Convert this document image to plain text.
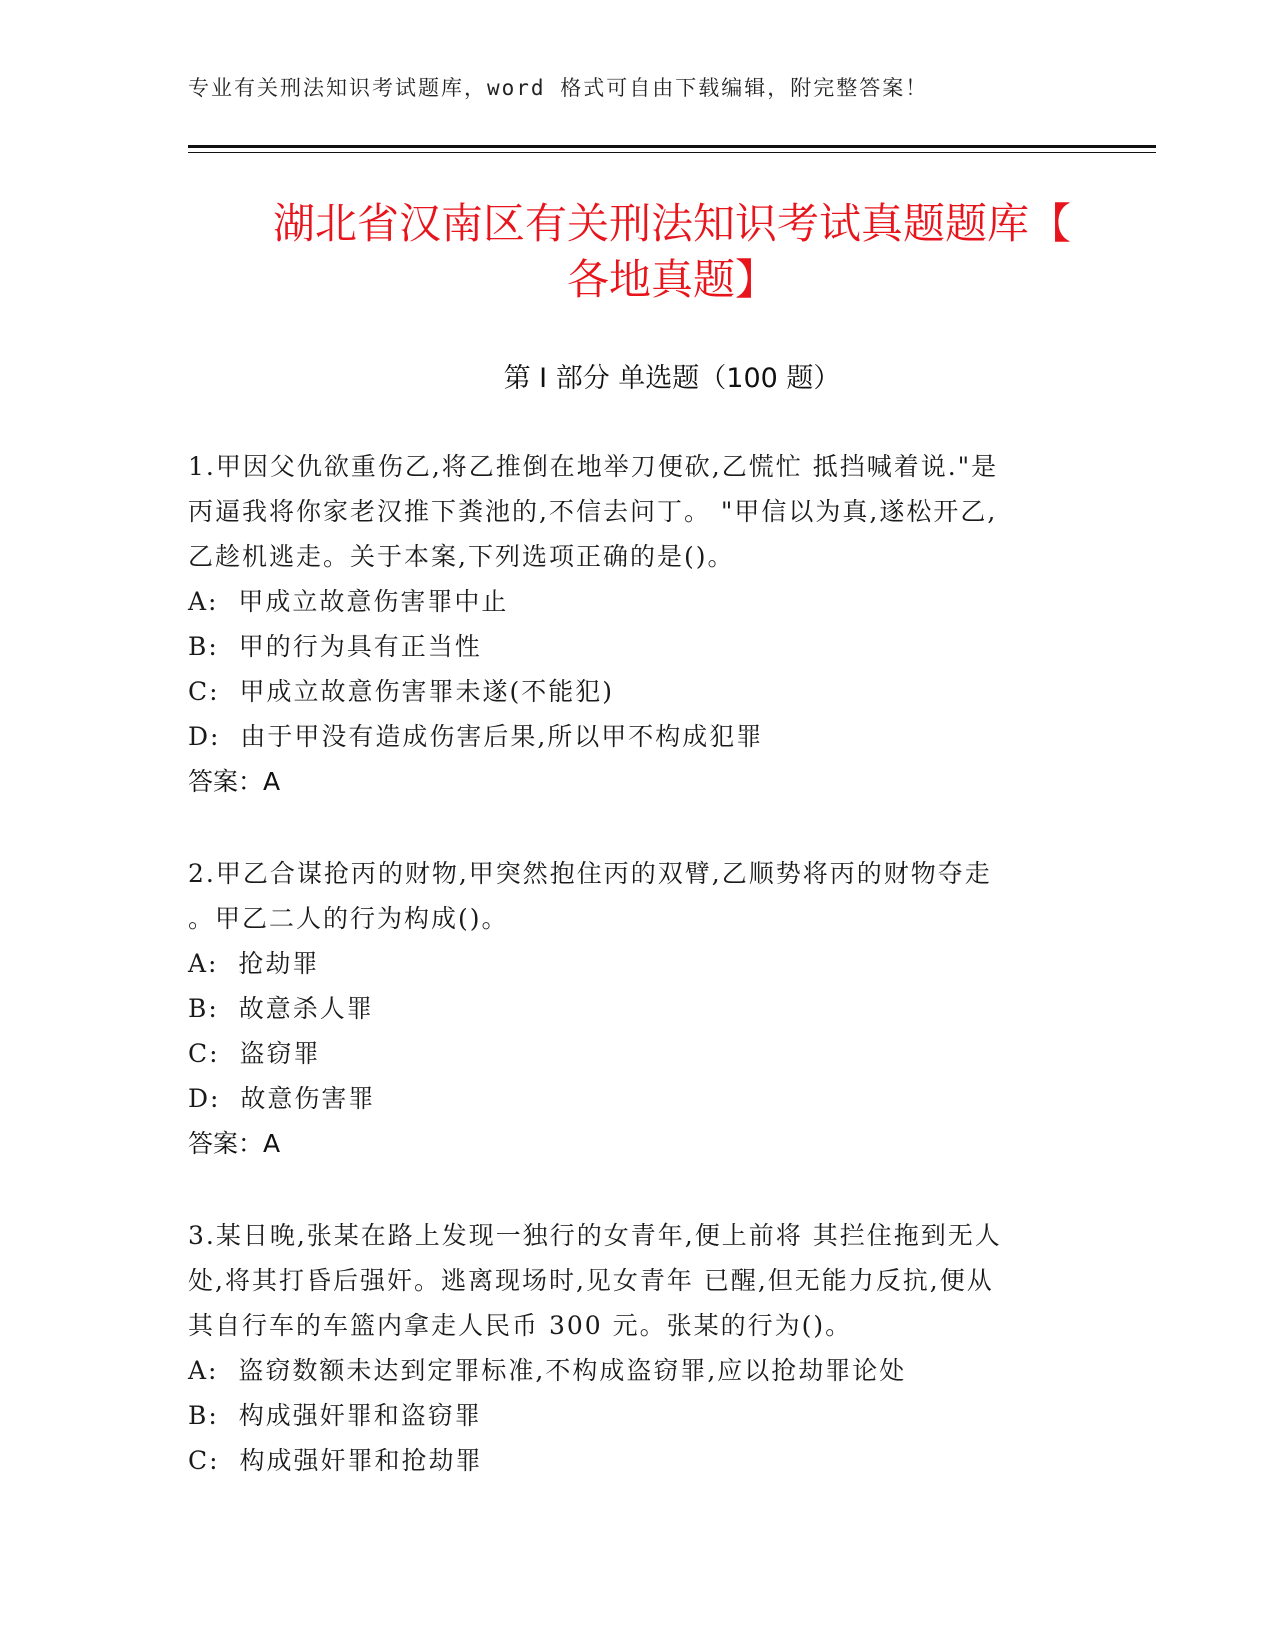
专业有关刑法知识考试题库，word 格式可自由下载编辑，附完整答案！
湖北省汉南区有关刑法知识考试真题题库【
各地真题】
第 I 部分 单选题（100 题）

1.甲因父仇欲重伤乙,将乙推倒在地举刀便砍,乙慌忙 抵挡喊着说."是

丙逼我将你家老汉推下粪池的,不信去问丁。 "甲信以为真,遂松开乙,

乙趁机逃走。关于本案,下列选项正确的是()。

A:  甲成立故意伤害罪中止

B:  甲的行为具有正当性

C:  甲成立故意伤害罪未遂(不能犯)

D:  由于甲没有造成伤害后果,所以甲不构成犯罪

答案：A

2.甲乙合谋抢丙的财物,甲突然抱住丙的双臂,乙顺势将丙的财物夺走

。甲乙二人的行为构成()。

A:  抢劫罪

B:  故意杀人罪

C:  盗窃罪

D:  故意伤害罪

答案：A

3.某日晚,张某在路上发现一独行的女青年,便上前将 其拦住拖到无人

处,将其打昏后强奸。逃离现场时,见女青年 已醒,但无能力反抗,便从

其自行车的车篮内拿走人民币 300 元。张某的行为()。

A:  盗窃数额未达到定罪标准,不构成盗窃罪,应以抢劫罪论处

B:  构成强奸罪和盗窃罪

C:  构成强奸罪和抢劫罪
